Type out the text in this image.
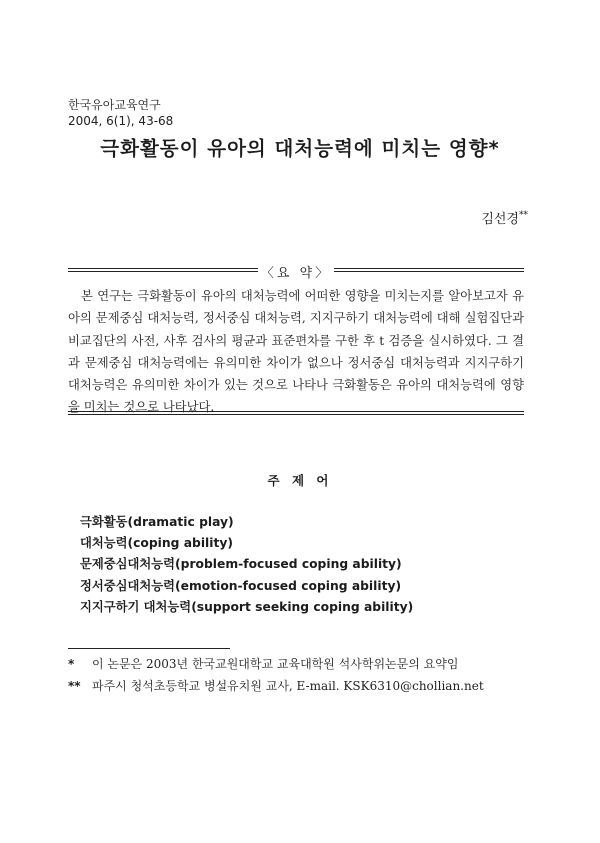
한국유아교육연구
2004, 6(1), 43-68
극화활동이 유아의 대처능력에 미치는 영향*
김선경**
〈요 약〉
본 연구는 극화활동이 유아의 대처능력에 어떠한 영향을 미치는지를 알아보고자 유아의 문제중심 대처능력, 정서중심 대처능력, 지지구하기 대처능력에 대해 실험집단과 비교집단의 사전, 사후 검사의 평균과 표준편차를 구한 후 t 검증을 실시하였다. 그 결과 문제중심 대처능력에는 유의미한 차이가 없으나 정서중심 대처능력과 지지구하기 대처능력은 유의미한 차이가 있는 것으로 나타나 극화활동은 유아의 대처능력에 영향을 미치는 것으로 나타났다.
주 제 어
극화활동(dramatic play)
대처능력(coping ability)
문제중심대처능력(problem-focused coping ability)
정서중심대처능력(emotion-focused coping ability)
지지구하기 대처능력(support seeking coping ability)
* 이 논문은 2003년 한국교원대학교 교육대학원 석사학위논문의 요약임
** 파주시 청석초등학교 병설유치원 교사, E-mail. KSK6310@chollian.net
